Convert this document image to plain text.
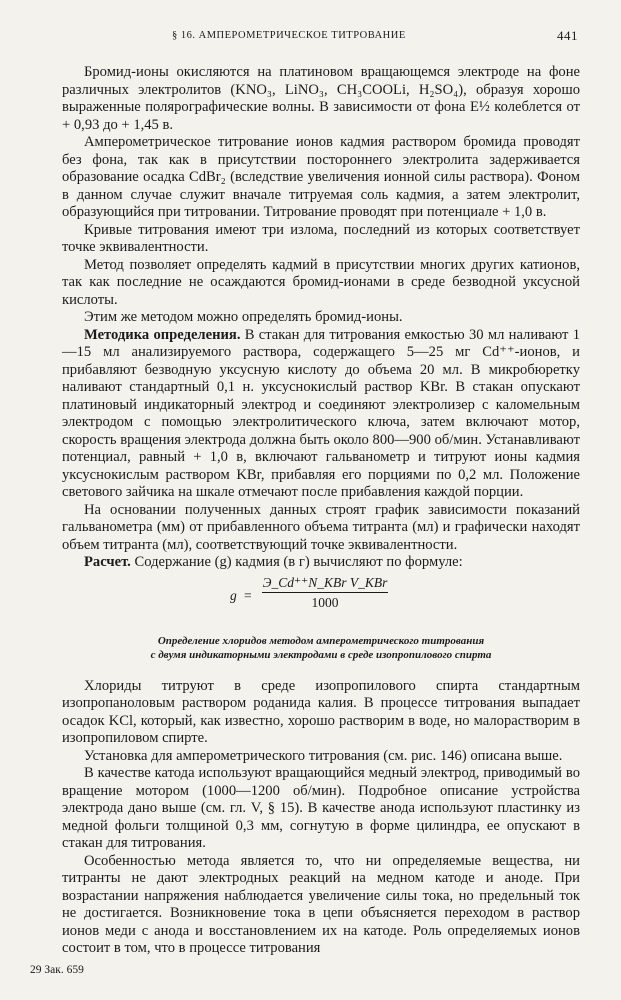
§ 16. АМПЕРОМЕТРИЧЕСКОЕ ТИТРОВАНИЕ	441

Бромид-ионы окисляются на платиновом вращающемся электроде на фоне различных электролитов (KNO₃, LiNO₃, CH₃COOLi, H₂SO₄), образуя хорошо выраженные полярографические волны. В зависимости от фона E½ колеблется от + 0,93 до + 1,45 в.

Амперометрическое титрование ионов кадмия раствором бромида проводят без фона, так как в присутствии постороннего электролита задерживается образование осадка CdBr₂ (вследствие увеличения ионной силы раствора). Фоном в данном случае служит вначале титруемая соль кадмия, а затем электролит, образующийся при титровании. Титрование проводят при потенциале + 1,0 в.

Кривые титрования имеют три излома, последний из которых соответствует точке эквивалентности.

Метод позволяет определять кадмий в присутствии многих других катионов, так как последние не осаждаются бромид-ионами в среде безводной уксусной кислоты.

Этим же методом можно определять бромид-ионы.

Методика определения. В стакан для титрования емкостью 30 мл наливают 1—15 мл анализируемого раствора, содержащего 5—25 мг Cd⁺⁺-ионов, и прибавляют безводную уксусную кислоту до объема 20 мл. В микробюретку наливают стандартный 0,1 н. уксуснокислый раствор KBr. В стакан опускают платиновый индикаторный электрод и соединяют электролизер с каломельным электродом с помощью электролитического ключа, затем включают мотор, скорость вращения электрода должна быть около 800—900 об/мин. Устанавливают потенциал, равный + 1,0 в, включают гальванометр и титруют ионы кадмия уксуснокислым раствором KBr, прибавляя его порциями по 0,2 мл. Положение светового зайчика на шкале отмечают после прибавления каждой порции.

На основании полученных данных строят график зависимости показаний гальванометра (мм) от прибавленного объема титранта (мл) и графически находят объем титранта (мл), соответствующий точке эквивалентности.

Расчет. Содержание (g) кадмия (в г) вычисляют по формуле:

g =
Э_Cd⁺⁺N_KBr V_KBr
1000
Определение хлоридов методом амперометрического титрования
с двумя индикаторными электродами в среде изопропилового спирта

Хлориды титруют в среде изопропилового спирта стандартным изопропаноловым раствором роданида калия. В процессе титрования выпадает осадок KCl, который, как известно, хорошо растворим в воде, но малорастворим в изопропиловом спирте.

Установка для амперометрического титрования (см. рис. 146) описана выше.

В качестве катода используют вращающийся медный электрод, приводимый во вращение мотором (1000—1200 об/мин). Подробное описание устройства электрода дано выше (см. гл. V, § 15). В качестве анода используют пластинку из медной фольги толщиной 0,3 мм, согнутую в форме цилиндра, ее опускают в стакан для титрования.

Особенностью метода является то, что ни определяемые вещества, ни титранты не дают электродных реакций на медном катоде и аноде. При возрастании напряжения наблюдается увеличение силы тока, но предельный ток не достигается. Возникновение тока в цепи объясняется переходом в раствор ионов меди с анода и восстановлением их на катоде. Роль определяемых ионов состоит в том, что в процессе титрования

29 Зак. 659
